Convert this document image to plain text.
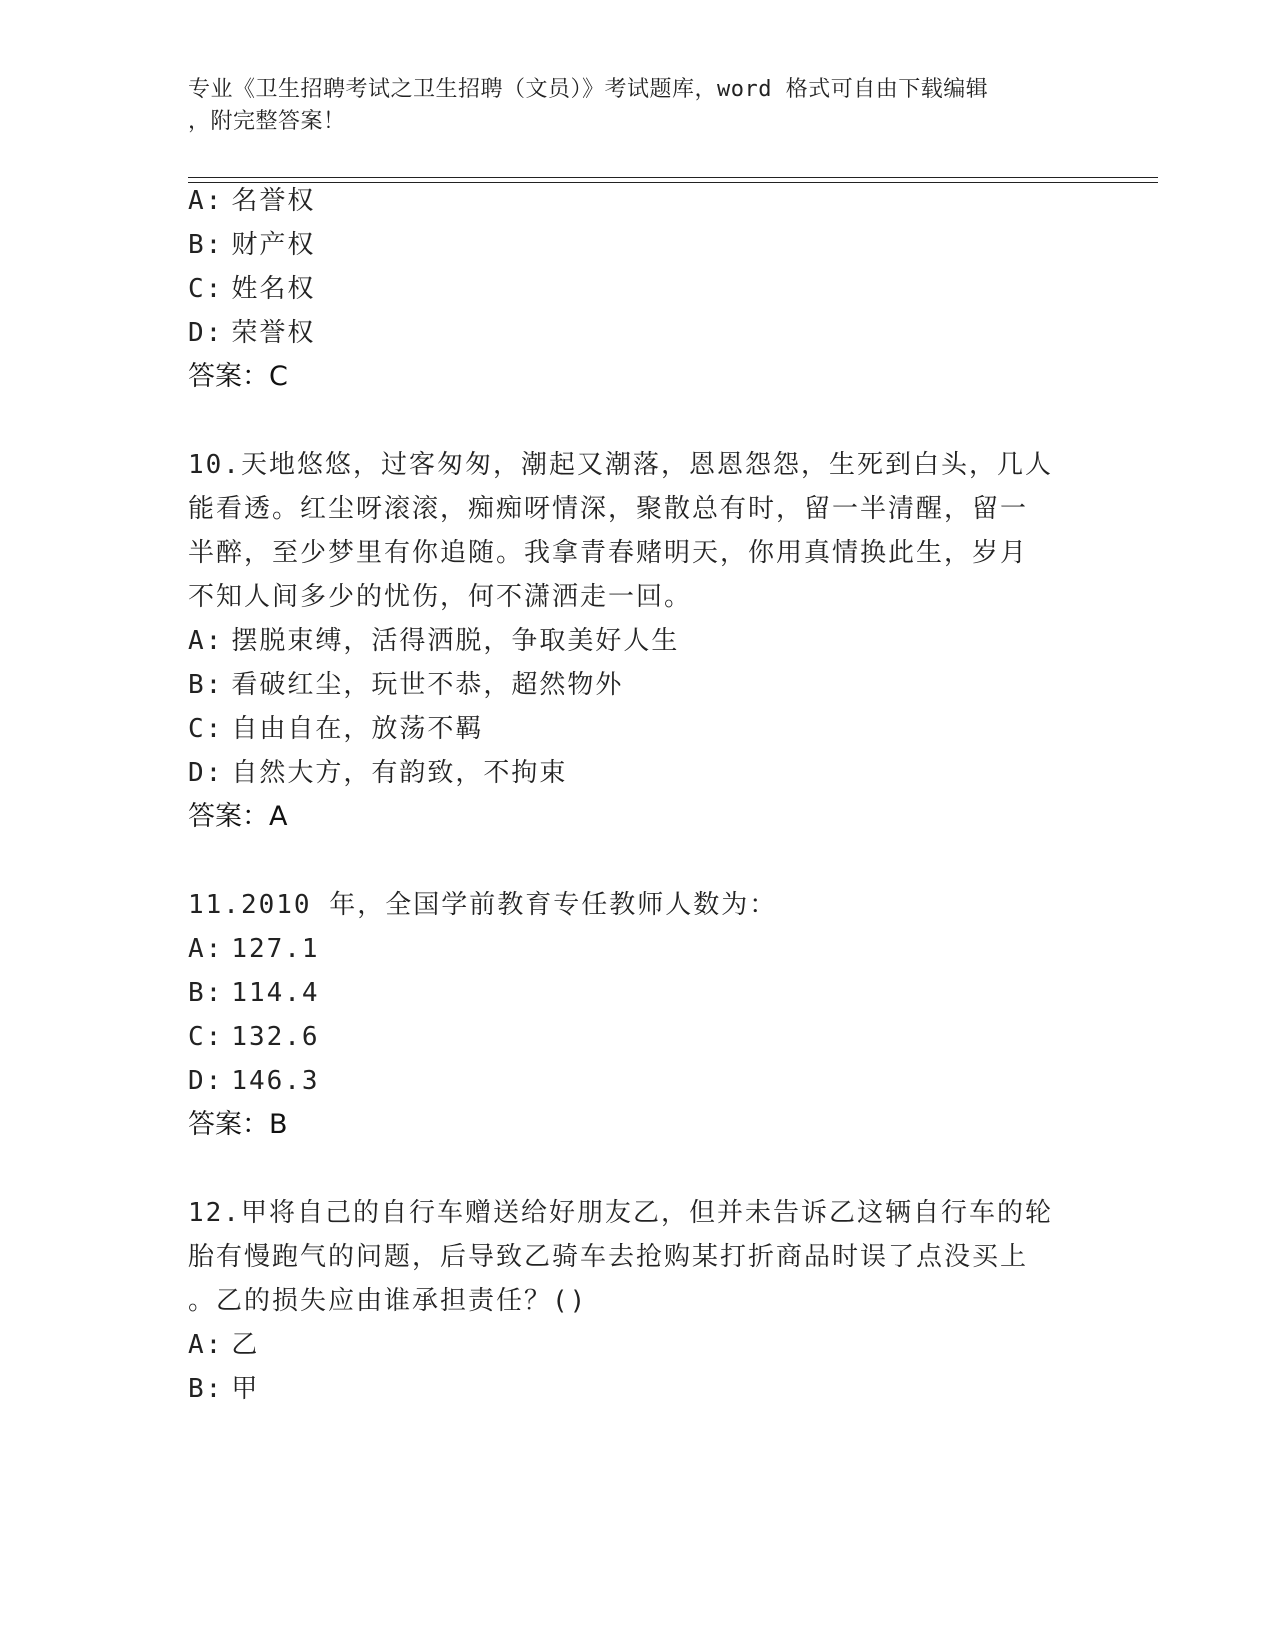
专业《卫生招聘考试之卫生招聘（文员）》考试题库，word 格式可自由下载编辑
，附完整答案！
A: 名誉权
B: 财产权
C: 姓名权
D: 荣誉权
答案：C
10.天地悠悠，过客匆匆，潮起又潮落，恩恩怨怨，生死到白头，几人
能看透。红尘呀滚滚，痴痴呀情深，聚散总有时，留一半清醒，留一
半醉，至少梦里有你追随。我拿青春赌明天，你用真情换此生，岁月
不知人间多少的忧伤，何不潇洒走一回。
A: 摆脱束缚，活得洒脱，争取美好人生
B: 看破红尘，玩世不恭，超然物外
C: 自由自在，放荡不羁
D: 自然大方，有韵致，不拘束
答案：A
11.2010 年，全国学前教育专任教师人数为：
A: 127.1
B: 114.4
C: 132.6
D: 146.3
答案：B
12.甲将自己的自行车赠送给好朋友乙，但并未告诉乙这辆自行车的轮
胎有慢跑气的问题，后导致乙骑车去抢购某打折商品时误了点没买上
。乙的损失应由谁承担责任？()
A: 乙
B: 甲
